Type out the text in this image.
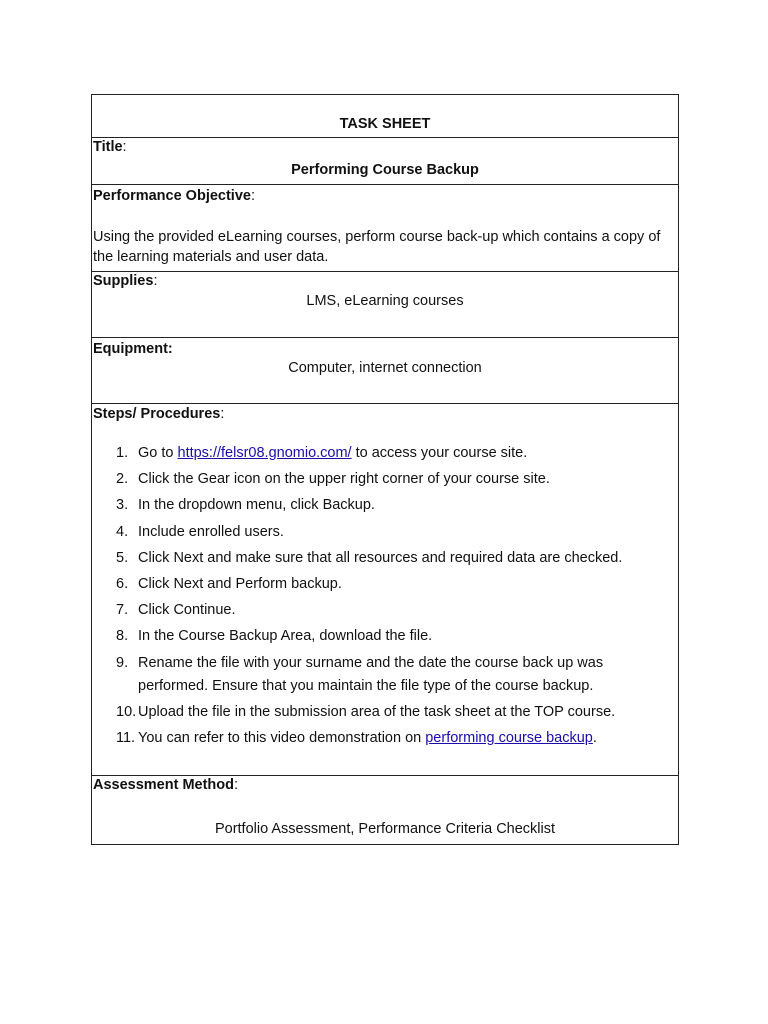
TASK SHEET
Title:
Performing Course Backup
Performance Objective:
Using the provided eLearning courses, perform course back-up which contains a copy of the learning materials and user data.
Supplies:
LMS, eLearning courses
Equipment:
Computer, internet connection
Steps/ Procedures:
1. Go to https://felsr08.gnomio.com/ to access your course site.
2. Click the Gear icon on the upper right corner of your course site.
3. In the dropdown menu, click Backup.
4. Include enrolled users.
5. Click Next and make sure that all resources and required data are checked.
6. Click Next and Perform backup.
7. Click Continue.
8. In the Course Backup Area, download the file.
9. Rename the file with your surname and the date the course back up was performed. Ensure that you maintain the file type of the course backup.
10. Upload the file in the submission area of the task sheet at the TOP course.
11. You can refer to this video demonstration on performing course backup.
Assessment Method:
Portfolio Assessment, Performance Criteria Checklist
